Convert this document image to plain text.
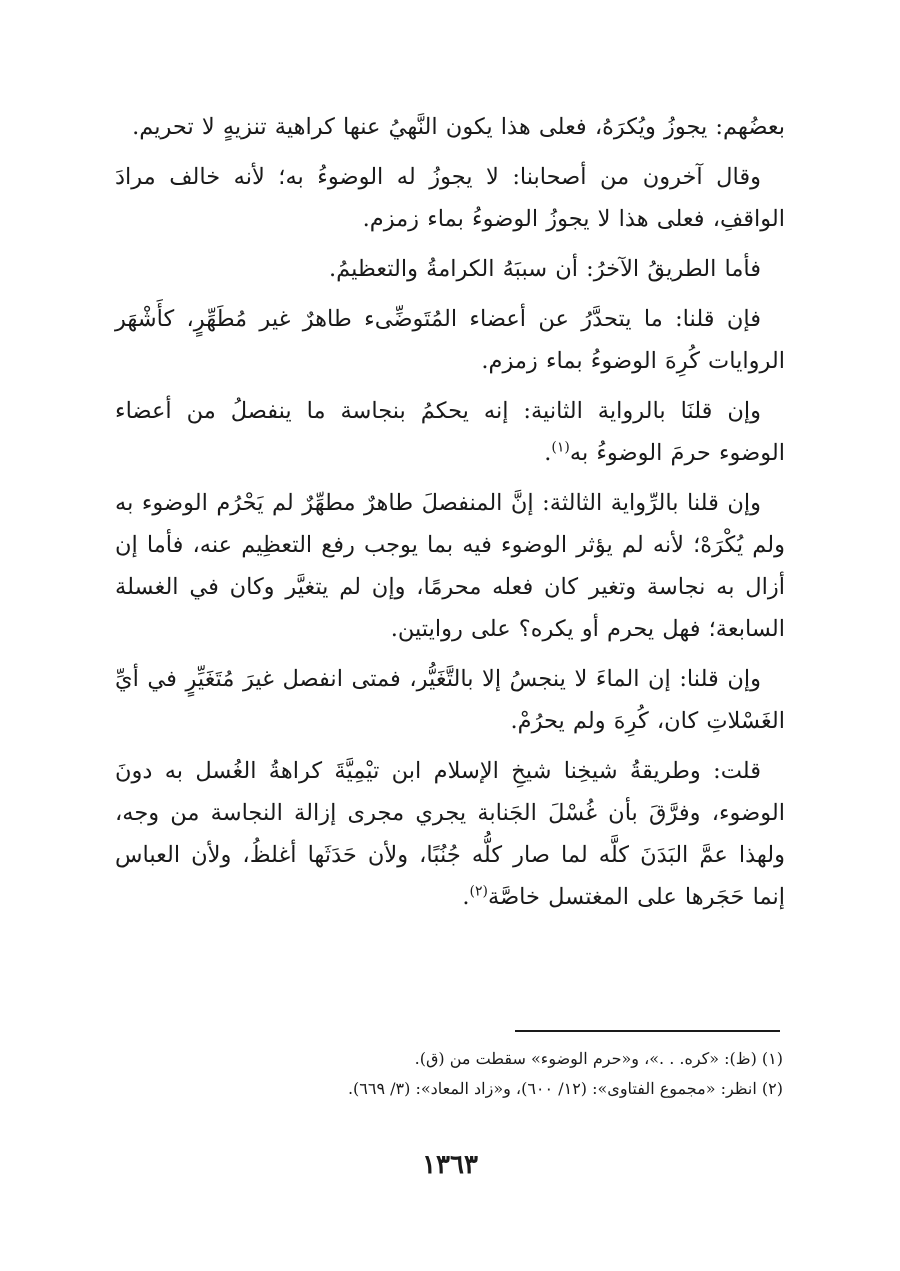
بعضُهم: يجوزُ ويُكرَهُ، فعلى هذا يكون النَّهيُ عنها كراهية تنزيهٍ لا تحريم.

وقال آخرون من أصحابنا: لا يجوزُ له الوضوءُ به؛ لأنه خالف مرادَ الواقفِ، فعلى هذا لا يجوزُ الوضوءُ بماء زمزم.

فأما الطريقُ الآخرُ: أن سببَهُ الكرامةُ والتعظيمُ.

فإن قلنا: ما يتحدَّرُ عن أعضاء المُتَوضِّىء طاهرٌ غير مُطَهِّرٍ، كأَشْهَر الروايات كُرِهَ الوضوءُ بماء زمزم.

وإن قلنَا بالرواية الثانية: إنه يحكمُ بنجاسة ما ينفصلُ من أعضاء الوضوء حرمَ الوضوءُ به$^{(١)}$.

وإن قلنا بالرِّواية الثالثة: إنَّ المنفصلَ طاهرٌ مطهِّرٌ لم يَحْرُم الوضوء به ولم يُكْرَهْ؛ لأنه لم يؤثر الوضوء فيه بما يوجب رفع التعظِيم عنه، فأما إن أزال به نجاسة وتغير كان فعله محرمًا، وإن لم يتغيَّر وكان في الغسلة السابعة؛ فهل يحرم أو يكره؟ على روايتين.

وإن قلنا: إن الماءَ لا ينجسُ إلا بالتَّغَيُّر، فمتى انفصل غيرَ مُتَغَيِّرٍ في أيِّ الغَسْلاتِ كان، كُرِهَ ولم يحرُمْ.

قلت: وطريقةُ شيخِنا شيخِ الإسلام ابن تيْمِيَّةَ كراهةُ الغُسل به دونَ الوضوء، وفرَّقَ بأن غُسْلَ الجَنابة يجري مجرى إزالة النجاسة من وجه، ولهذا عمَّ البَدَنَ كلَّه لما صار كلُّه جُنُبًا، ولأن حَدَثَها أغلظُ، ولأن العباس إنما حَجَرها على المغتسل خاصَّة$^{(٢)}$.

(١) (ظ): «كره. . .»، و«حرم الوضوء» سقطت من (ق).

(٢) انظر: «مجموع الفتاوى»: (١٢/ ٦٠٠)، و«زاد المعاد»: (٣/ ٦٦٩).

١٣٦٣
